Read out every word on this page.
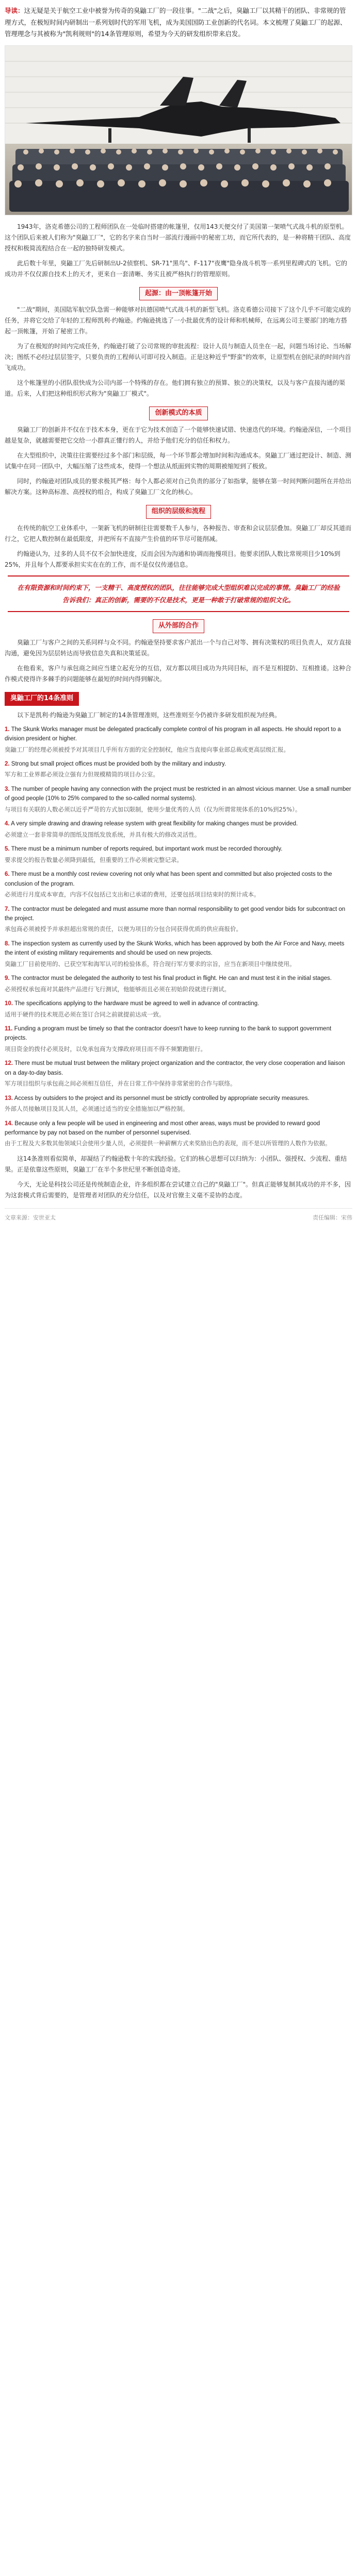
导读：这无疑是关于航空工业中被誉为传奇的臭鼬工厂的一段往事。"二战"之后，臭鼬工厂以其精干的团队、非常规的管理方式，在极短时间内研制出一系列划时代的军用飞机，成为美国国防工业创新的代名词。本文梳理了臭鼬工厂的起源、管理理念与其被称为"凯利规则"的14条管理原则，希望为今天的研发组织带来启发。

1943年，洛克希德公司的工程师团队在一处临时搭建的帐篷里，仅用143天便交付了美国第一架喷气式战斗机的原型机。这个团队后来被人们称为"臭鼬工厂"，它的名字来自当时一部流行漫画中的秘密工坊，而它所代表的，是一种将精干团队、高度授权和极简流程结合在一起的独特研发模式。

此后数十年里，臭鼬工厂先后研制出U-2侦察机、SR-71"黑鸟"、F-117"夜鹰"隐身战斗机等一系列里程碑式的飞机。它的成功并不仅仅源自技术上的天才，更来自一套清晰、务实且被严格执行的管理原则。

起源：由一顶帐篷开始

"二战"期间，美国陆军航空队急需一种能够对抗德国喷气式战斗机的新型飞机。洛克希德公司接下了这个几乎不可能完成的任务，并将它交给了年轻的工程师凯利·约翰逊。约翰逊挑选了一小批最优秀的设计师和机械师，在远离公司主要部门的地方搭起一顶帐篷，开始了秘密工作。

为了在极短的时间内完成任务，约翰逊打破了公司常规的审批流程：设计人员与制造人员坐在一起，问题当场讨论、当场解决；图纸不必经过层层签字，只要负责的工程师认可即可投入制造。正是这种近乎"野蛮"的效率，让原型机在创纪录的时间内首飞成功。

这个帐篷里的小团队很快成为公司内部一个特殊的存在。他们拥有独立的预算、独立的决策权，以及与客户直接沟通的渠道。后来，人们把这种组织形式称为"臭鼬工厂模式"。

创新模式的本质

臭鼬工厂的创新并不仅在于技术本身，更在于它为技术创造了一个能够快速试错、快速迭代的环境。约翰逊深信，一个项目越是复杂，就越需要把它交给一小群真正懂行的人，并给予他们充分的信任和权力。

在大型组织中，决策往往需要经过多个部门和层级，每一个环节都会增加时间和沟通成本。臭鼬工厂通过把设计、制造、测试集中在同一团队中，大幅压缩了这些成本，使得一个想法从纸面到实物的周期被缩短到了极致。

同时，约翰逊对团队成员的要求极其严格：每个人都必须对自己负责的部分了如指掌，能够在第一时间判断问题所在并给出解决方案。这种高标准、高授权的组合，构成了臭鼬工厂文化的核心。

组织的层级和流程

在传统的航空工业体系中，一架新飞机的研制往往需要数千人参与，各种报告、审查和会议层层叠加。臭鼬工厂却反其道而行之，它把人数控制在最低限度，并把所有不直接产生价值的环节尽可能削减。

约翰逊认为，过多的人员不仅不会加快进度，反而会因为沟通和协调而拖慢项目。他要求团队人数比常规项目少10%到25%，并且每个人都要承担实实在在的工作，而不是仅仅传递信息。

在有限资源和时间约束下，一支精干、高度授权的团队，往往能够完成大型组织难以完成的事情。臭鼬工厂的经验告诉我们：真正的创新，需要的不仅是技术，更是一种敢于打破常规的组织文化。
从外部的合作

臭鼬工厂与客户之间的关系同样与众不同。约翰逊坚持要求客户派出一个与自己对等、拥有决策权的项目负责人，双方直接沟通，避免因为层层转达而导致信息失真和决策延误。

在他看来，客户与承包商之间应当建立起充分的互信，双方都以项目成功为共同目标，而不是互相提防、互相推诿。这种合作模式使得许多棘手的问题能够在最短的时间内得到解决。

臭鼬工厂的14条准则

以下是凯利·约翰逊为臭鼬工厂制定的14条管理准则，这些准则至今仍被许多研发组织视为经典。

1. The Skunk Works manager must be delegated practically complete control of his program in all aspects. He should report to a division president or higher.

臭鼬工厂的经理必须被授予对其项目几乎所有方面的完全控制权，他应当直接向事业部总裁或更高层级汇报。

2. Strong but small project offices must be provided both by the military and industry.

军方和工业界都必须设立强有力但规模精简的项目办公室。

3. The number of people having any connection with the project must be restricted in an almost vicious manner. Use a small number of good people (10% to 25% compared to the so-called normal systems).

与项目有关联的人数必须以近乎严苛的方式加以限制，使用少量优秀的人员（仅为所谓常规体系的10%到25%）。

4. A very simple drawing and drawing release system with great flexibility for making changes must be provided.

必须建立一套非常简单的图纸及图纸发放系统，并具有极大的修改灵活性。

5. There must be a minimum number of reports required, but important work must be recorded thoroughly.

要求提交的报告数量必须降到最低，但重要的工作必须被完整记录。

6. There must be a monthly cost review covering not only what has been spent and committed but also projected costs to the conclusion of the program.

必须进行月度成本审查，内容不仅包括已支出和已承诺的费用，还要包括项目结束时的预计成本。

7. The contractor must be delegated and must assume more than normal responsibility to get good vendor bids for subcontract on the project.

承包商必须被授予并承担超出常规的责任，以便为项目的分包合同获得优质的供应商报价。

8. The inspection system as currently used by the Skunk Works, which has been approved by both the Air Force and Navy, meets the intent of existing military requirements and should be used on new projects.

臭鼬工厂目前使用的、已获空军和海军认可的检验体系，符合现行军方要求的宗旨，应当在新项目中继续使用。

9. The contractor must be delegated the authority to test his final product in flight. He can and must test it in the initial stages.

必须授权承包商对其最终产品进行飞行测试，他能够而且必须在初始阶段就进行测试。

10. The specifications applying to the hardware must be agreed to well in advance of contracting.

适用于硬件的技术规范必须在签订合同之前就提前达成一致。

11. Funding a program must be timely so that the contractor doesn't have to keep running to the bank to support government projects.

项目资金的拨付必须及时，以免承包商为支撑政府项目而不得不频繁跑银行。

12. There must be mutual trust between the military project organization and the contractor, the very close cooperation and liaison on a day-to-day basis.

军方项目组织与承包商之间必须相互信任，并在日常工作中保持非常紧密的合作与联络。

13. Access by outsiders to the project and its personnel must be strictly controlled by appropriate security measures.

外部人员接触项目及其人员，必须通过适当的安全措施加以严格控制。

14. Because only a few people will be used in engineering and most other areas, ways must be provided to reward good performance by pay not based on the number of personnel supervised.

由于工程及大多数其他领域只会使用少量人员，必须提供一种薪酬方式来奖励出色的表现，而不是以所管理的人数作为依据。

这14条准则看似简单，却凝结了约翰逊数十年的实践经验。它们的核心思想可以归纳为：小团队、强授权、少流程、重结果。正是依靠这些原则，臭鼬工厂在半个多世纪里不断创造奇迹。

今天，无论是科技公司还是传统制造企业，许多组织都在尝试建立自己的"臭鼬工厂"。但真正能够复制其成功的并不多，因为这套模式背后需要的，是管理者对团队的充分信任，以及对官僚主义毫不妥协的态度。

文章来源：安世亚太	责任编辑：宋伟
